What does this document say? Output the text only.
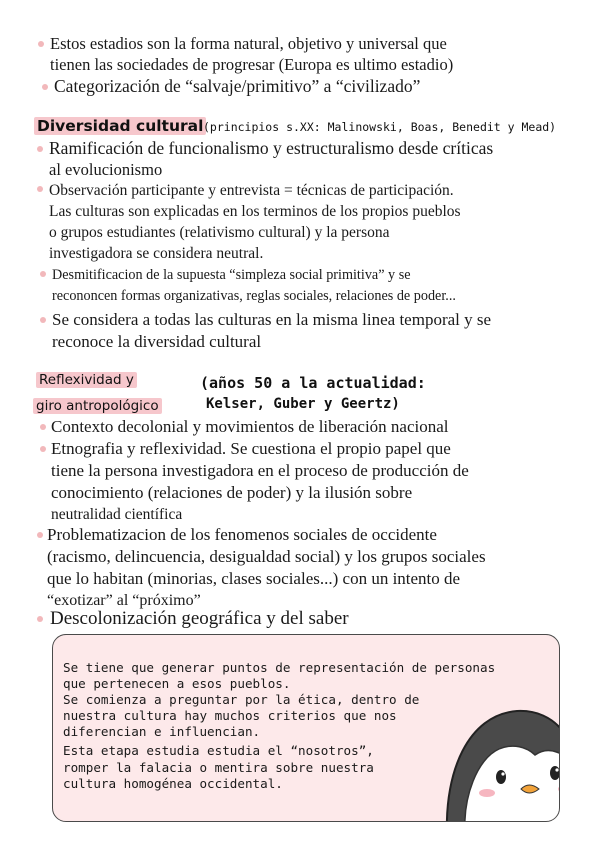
Estos estadios son la forma natural, objetivo y universal que
tienen las sociedades de progresar (Europa es ultimo estadio)
Categorización de “salvaje/primitivo” a “civilizado”
Diversidad cultural (principios s.XX: Malinowski, Boas, Benedit y Mead)
Ramificación de funcionalismo y estructuralismo desde críticas
al evolucionismo
Observación participante y entrevista = técnicas de participación.
Las culturas son explicadas en los terminos de los propios pueblos
o grupos estudiantes (relativismo cultural) y la persona
investigadora se considera neutral.
Desmitificacion de la supuesta “simpleza social primitiva” y se
recononcen formas organizativas, reglas sociales, relaciones de poder...
Se considera a todas las culturas en la misma linea temporal y se
reconoce la diversidad cultural
Reflexividad y
giro antropológico
(años 50 a la actualidad:
Kelser, Guber y Geertz)
Contexto decolonial y movimientos de liberación nacional
Etnografia y reflexividad. Se cuestiona el propio papel que
tiene la persona investigadora en el proceso de producción de
conocimiento (relaciones de poder) y la ilusión sobre
neutralidad científica
Problematizacion de los fenomenos sociales de occidente
(racismo, delincuencia, desigualdad social) y los grupos sociales
que lo habitan (minorias, clases sociales...) con un intento de
“exotizar” al “próximo”
Descolonización geográfica y del saber
Se tiene que generar puntos de representación de personas
que pertenecen a esos pueblos.
Se comienza a preguntar por la ética, dentro de
nuestra cultura hay muchos criterios que nos
diferencian e influencian.
Esta etapa estudia estudia el “nosotros”,
romper la falacia o mentira sobre nuestra
cultura homogénea occidental.
